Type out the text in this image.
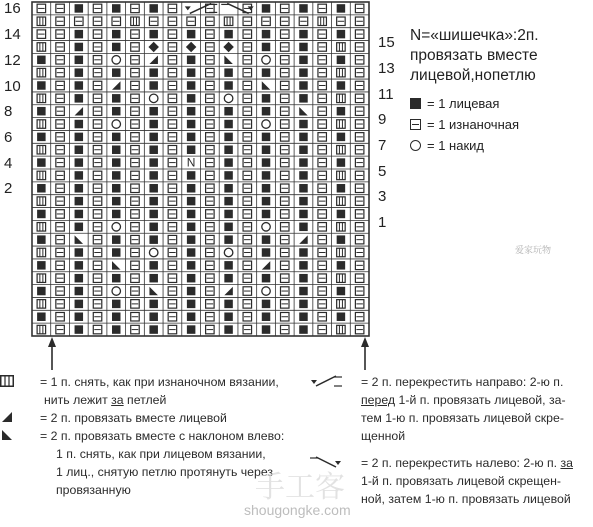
N
16
14
12
10
8
6
4
2
15
13
11
9
7
5
3
1
N=«шишечка»:2п. провязать вместе лицевой,нопетлю
= 1 лицевая
= 1 изнаночная
= 1 накид
= 1 п. снять, как при изнаночном вязании,
нить лежит за петлей
= 2 п. провязать вместе лицевой
= 2 п. провязать вместе с наклоном влево:
1 п. снять, как при лицевом вязании,
1 лиц., снятую петлю протянуть через
провязанную
= 2 п. перекрестить направо: 2-ю п.
перед 1-й п. провязать лицевой, за-
тем 1-ю п. провязать лицевой скре-
щенной
= 2 п. перекрестить налево: 2-ю п. за
1-й п. провязать лицевой скрещен-
ной, затем 1-ю п. провязать лицевой
手工客
shougongke.com
爱家玩物
